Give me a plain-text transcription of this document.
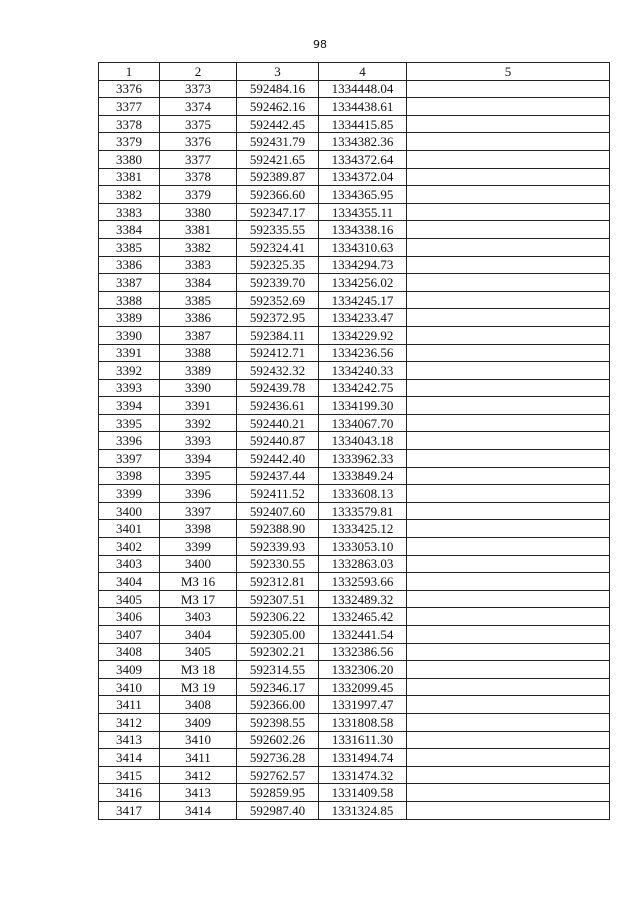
98
1	2	3	4	5
3376	3373	592484.16	1334448.04	
3377	3374	592462.16	1334438.61	
3378	3375	592442.45	1334415.85	
3379	3376	592431.79	1334382.36	
3380	3377	592421.65	1334372.64	
3381	3378	592389.87	1334372.04	
3382	3379	592366.60	1334365.95	
3383	3380	592347.17	1334355.11	
3384	3381	592335.55	1334338.16	
3385	3382	592324.41	1334310.63	
3386	3383	592325.35	1334294.73	
3387	3384	592339.70	1334256.02	
3388	3385	592352.69	1334245.17	
3389	3386	592372.95	1334233.47	
3390	3387	592384.11	1334229.92	
3391	3388	592412.71	1334236.56	
3392	3389	592432.32	1334240.33	
3393	3390	592439.78	1334242.75	
3394	3391	592436.61	1334199.30	
3395	3392	592440.21	1334067.70	
3396	3393	592440.87	1334043.18	
3397	3394	592442.40	1333962.33	
3398	3395	592437.44	1333849.24	
3399	3396	592411.52	1333608.13	
3400	3397	592407.60	1333579.81	
3401	3398	592388.90	1333425.12	
3402	3399	592339.93	1333053.10	
3403	3400	592330.55	1332863.03	
3404	МЗ 16	592312.81	1332593.66	
3405	МЗ 17	592307.51	1332489.32	
3406	3403	592306.22	1332465.42	
3407	3404	592305.00	1332441.54	
3408	3405	592302.21	1332386.56	
3409	МЗ 18	592314.55	1332306.20	
3410	МЗ 19	592346.17	1332099.45	
3411	3408	592366.00	1331997.47	
3412	3409	592398.55	1331808.58	
3413	3410	592602.26	1331611.30	
3414	3411	592736.28	1331494.74	
3415	3412	592762.57	1331474.32	
3416	3413	592859.95	1331409.58	
3417	3414	592987.40	1331324.85	
